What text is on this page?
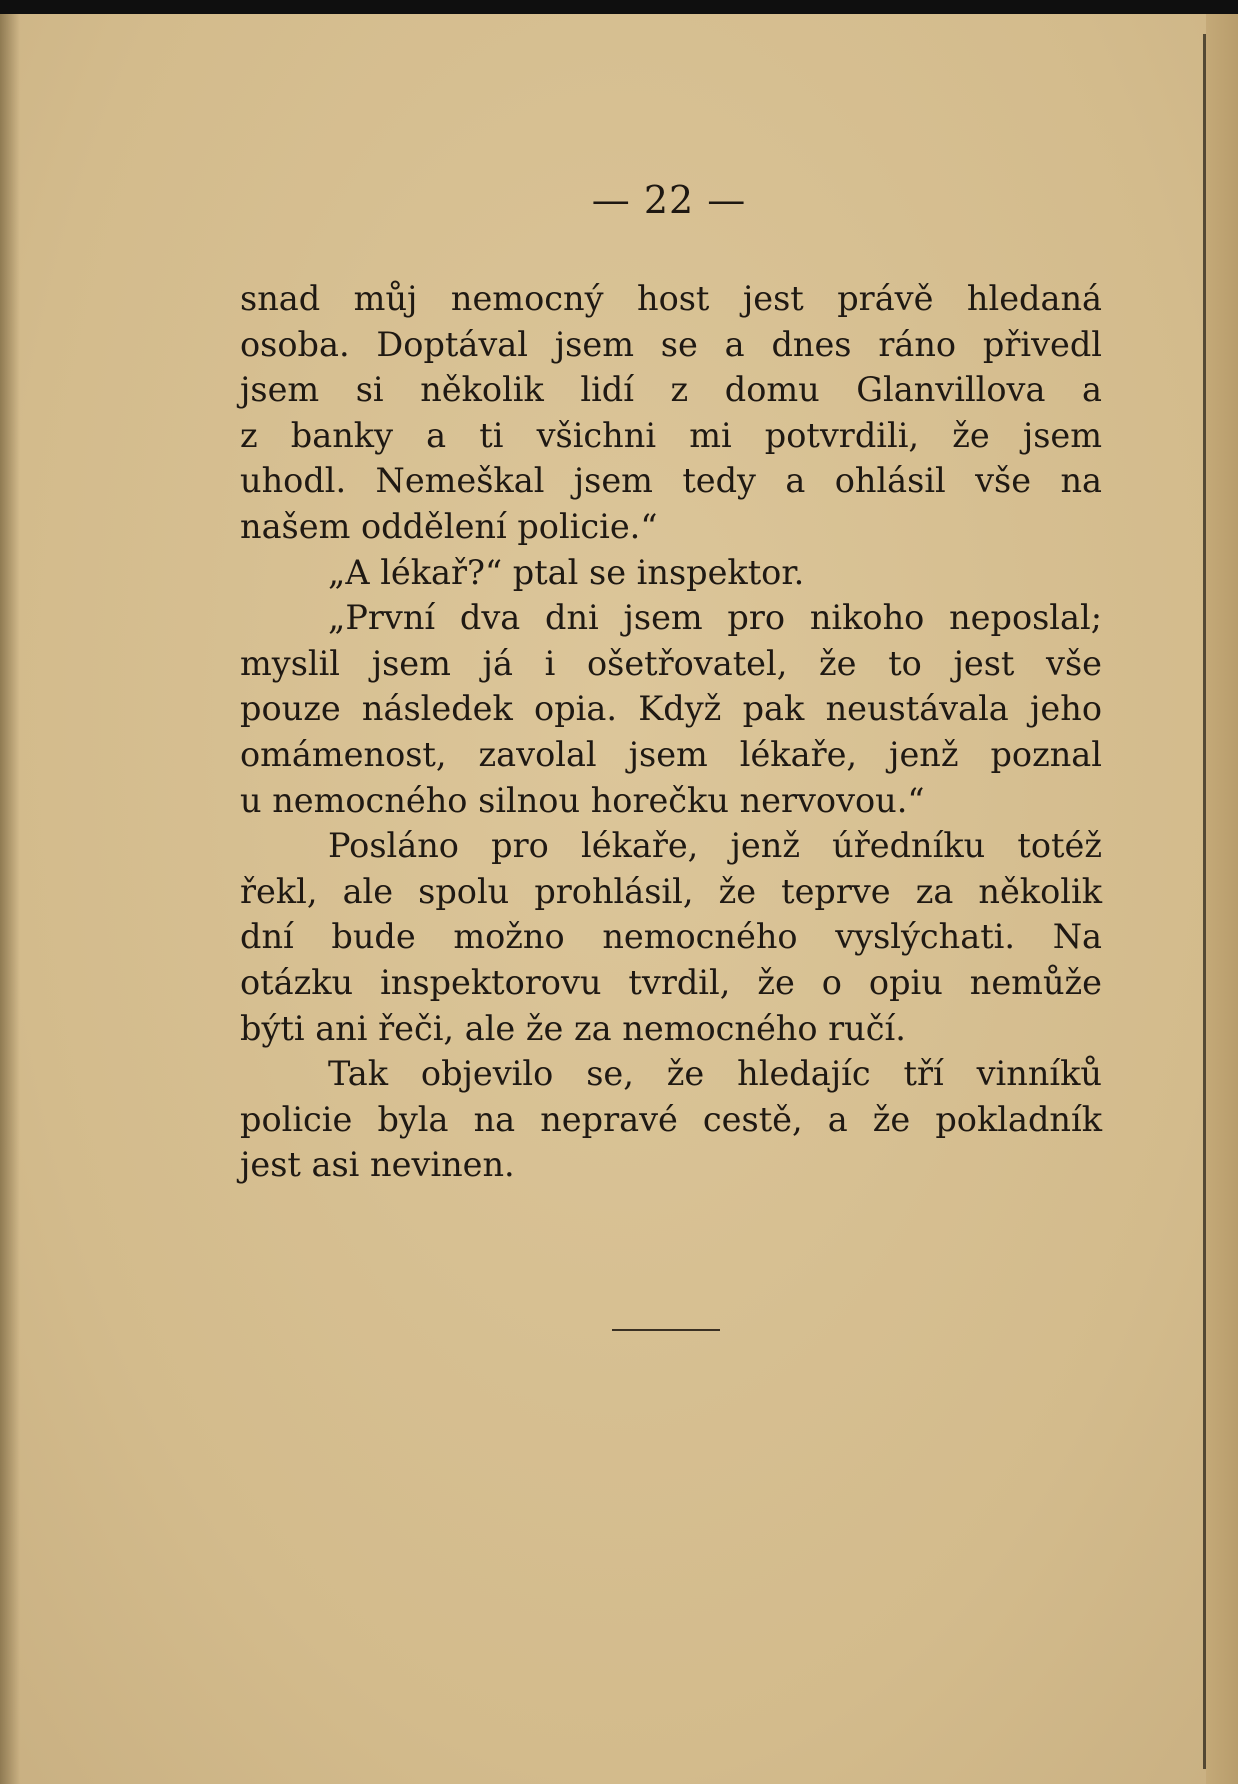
— 22 —
snad můj nemocný host jest právě hledaná
osoba. Doptával jsem se a dnes ráno přivedl
jsem si několik lidí z domu Glanvillova a
z banky a ti všichni mi potvrdili, že jsem
uhodl. Nemeškal jsem tedy a ohlásil vše na
našem oddělení policie.“
„A lékař?“ ptal se inspektor.
„První dva dni jsem pro nikoho neposlal;
myslil jsem já i ošetřovatel, že to jest vše
pouze následek opia. Když pak neustávala jeho
omámenost, zavolal jsem lékaře, jenž poznal
u nemocného silnou horečku nervovou.“
Posláno pro lékaře, jenž úředníku totéž
řekl, ale spolu prohlásil, že teprve za několik
dní bude možno nemocného vyslýchati. Na
otázku inspektorovu tvrdil, že o opiu nemůže
býti ani řeči, ale že za nemocného ručí.
Tak objevilo se, že hledajíc tří vinníků
policie byla na nepravé cestě, a že pokladník
jest asi nevinen.
